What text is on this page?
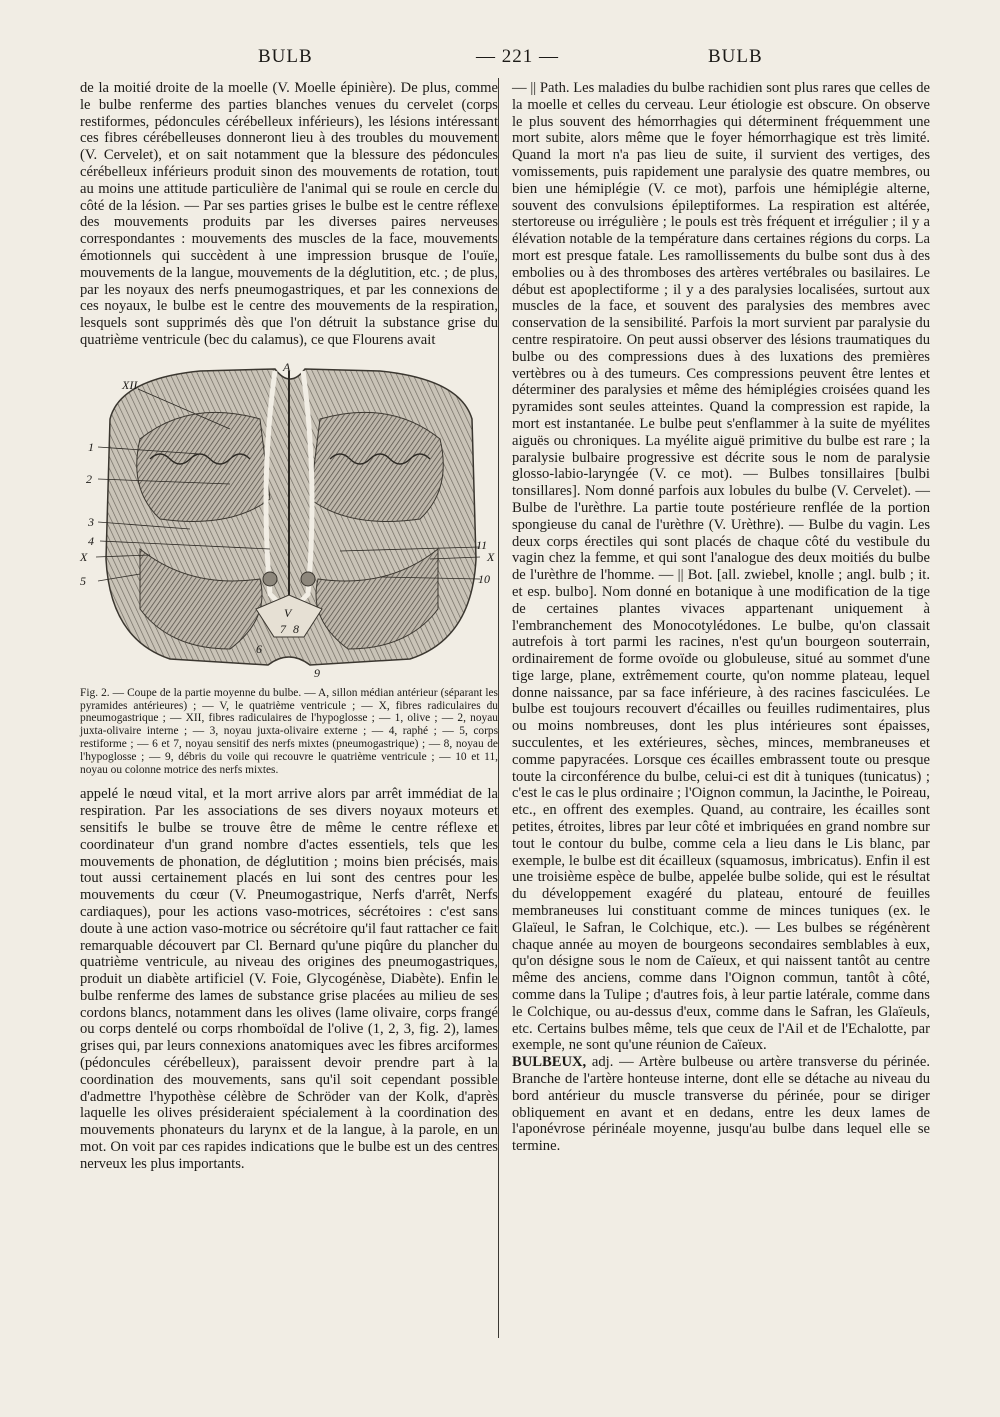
BULB	— 221 —	BULB

de la moitié droite de la moelle (V. Moelle épinière). De plus, comme le bulbe renferme des parties blanches venues du cervelet (corps restiformes, pédoncules cérébelleux inférieurs), les lésions intéressant ces fibres cérébelleuses donneront lieu à des troubles du mouvement (V. Cervelet), et on sait notamment que la blessure des pédoncules cérébelleux inférieurs produit sinon des mouvements de rotation, tout au moins une attitude particulière de l'animal qui se roule en cercle du côté de la lésion. — Par ses parties grises le bulbe est le centre réflexe des mouvements produits par les diverses paires nerveuses correspondantes : mouvements des muscles de la face, mouvements émotionnels qui succèdent à une impression brusque de l'ouïe, mouvements de la langue, mouvements de la déglutition, etc. ; de plus, par les noyaux des nerfs pneumogastriques, et par les connexions de ces noyaux, le bulbe est le centre des mouvements de la respiration, lesquels sont supprimés dès que l'on détruit la substance grise du quatrième ventricule (bec du calamus), ce que Flourens avait

XII
A
1
2
3
4
X
5
11
X
10
V
7 8
6
9
Fig. 2. — Coupe de la partie moyenne du bulbe. — A, sillon médian antérieur (séparant les pyramides antérieures) ; — V, le quatrième ventricule ; — X, fibres radiculaires du pneumogastrique ; — XII, fibres radiculaires de l'hypoglosse ; — 1, olive ; — 2, noyau juxta-olivaire interne ; — 3, noyau juxta-olivaire externe ; — 4, raphé ; — 5, corps restiforme ; — 6 et 7, noyau sensitif des nerfs mixtes (pneumogastrique) ; — 8, noyau de l'hypoglosse ; — 9, débris du voile qui recouvre le quatrième ventricule ; — 10 et 11, noyau ou colonne motrice des nerfs mixtes.

appelé le nœud vital, et la mort arrive alors par arrêt immédiat de la respiration. Par les associations de ses divers noyaux moteurs et sensitifs le bulbe se trouve être de même le centre réflexe et coordinateur d'un grand nombre d'actes essentiels, tels que les mouvements de phonation, de déglutition ; moins bien précisés, mais tout aussi certainement placés en lui sont des centres pour les mouvements du cœur (V. Pneumogastrique, Nerfs d'arrêt, Nerfs cardiaques), pour les actions vaso-motrices, sécrétoires : c'est sans doute à une action vaso-motrice ou sécrétoire qu'il faut rattacher ce fait remarquable découvert par Cl. Bernard qu'une piqûre du plancher du quatrième ventricule, au niveau des origines des pneumogastriques, produit un diabète artificiel (V. Foie, Glycogénèse, Diabète). Enfin le bulbe renferme des lames de substance grise placées au milieu de ses cordons blancs, notamment dans les olives (lame olivaire, corps frangé ou corps dentelé ou corps rhomboïdal de l'olive (1, 2, 3, fig. 2), lames grises qui, par leurs connexions anatomiques avec les fibres arciformes (pédoncules cérébelleux), paraissent devoir prendre part à la coordination des mouvements, sans qu'il soit cependant possible d'admettre l'hypothèse célèbre de Schröder van der Kolk, d'après laquelle les olives présideraient spécialement à la coordination des mouvements phonateurs du larynx et de la langue, à la parole, en un mot. On voit par ces rapides indications que le bulbe est un des centres nerveux les plus importants.

— || Path. Les maladies du bulbe rachidien sont plus rares que celles de la moelle et celles du cerveau. Leur étiologie est obscure. On observe le plus souvent des hémorrhagies qui déterminent fréquemment une mort subite, alors même que le foyer hémorrhagique est très limité. Quand la mort n'a pas lieu de suite, il survient des vertiges, des vomissements, puis rapidement une paralysie des quatre membres, ou bien une hémiplégie (V. ce mot), parfois une hémiplégie alterne, souvent des convulsions épileptiformes. La respiration est altérée, stertoreuse ou irrégulière ; le pouls est très fréquent et irrégulier ; il y a élévation notable de la température dans certaines régions du corps. La mort est presque fatale. Les ramollissements du bulbe sont dus à des embolies ou à des thromboses des artères vertébrales ou basilaires. Le début est apoplectiforme ; il y a des paralysies localisées, surtout aux muscles de la face, et souvent des paralysies des membres avec conservation de la sensibilité. Parfois la mort survient par paralysie du centre respiratoire. On peut aussi observer des lésions traumatiques du bulbe ou des compressions dues à des luxations des premières vertèbres ou à des tumeurs. Ces compressions peuvent être lentes et déterminer des paralysies et même des hémiplégies croisées quand les pyramides sont seules atteintes. Quand la compression est rapide, la mort est instantanée. Le bulbe peut s'enflammer à la suite de myélites aiguës ou chroniques. La myélite aiguë primitive du bulbe est rare ; la paralysie bulbaire progressive est décrite sous le nom de paralysie glosso-labio-laryngée (V. ce mot). — Bulbes tonsillaires [bulbi tonsillares]. Nom donné parfois aux lobules du bulbe (V. Cervelet). — Bulbe de l'urèthre. La partie toute postérieure renflée de la portion spongieuse du canal de l'urèthre (V. Urèthre). — Bulbe du vagin. Les deux corps érectiles qui sont placés de chaque côté du vestibule du vagin chez la femme, et qui sont l'analogue des deux moitiés du bulbe de l'urèthre de l'homme. — || Bot. [all. zwiebel, knolle ; angl. bulb ; it. et esp. bulbo]. Nom donné en botanique à une modification de la tige de certaines plantes vivaces appartenant uniquement à l'embranchement des Monocotylédones. Le bulbe, qu'on classait autrefois à tort parmi les racines, n'est qu'un bourgeon souterrain, ordinairement de forme ovoïde ou globuleuse, situé au sommet d'une tige large, plane, extrêmement courte, qu'on nomme plateau, lequel donne naissance, par sa face inférieure, à des racines fasciculées. Le bulbe est toujours recouvert d'écailles ou feuilles rudimentaires, plus ou moins nombreuses, dont les plus intérieures sont épaisses, succulentes, et les extérieures, sèches, minces, membraneuses et comme papyracées. Lorsque ces écailles embrassent toute ou presque toute la circonférence du bulbe, celui-ci est dit à tuniques (tunicatus) ; c'est le cas le plus ordinaire ; l'Oignon commun, la Jacinthe, le Poireau, etc., en offrent des exemples. Quand, au contraire, les écailles sont petites, étroites, libres par leur côté et imbriquées en grand nombre sur tout le contour du bulbe, comme cela a lieu dans le Lis blanc, par exemple, le bulbe est dit écailleux (squamosus, imbricatus). Enfin il est une troisième espèce de bulbe, appelée bulbe solide, qui est le résultat du développement exagéré du plateau, entouré de feuilles membraneuses lui constituant comme de minces tuniques (ex. le Glaïeul, le Safran, le Colchique, etc.). — Les bulbes se régénèrent chaque année au moyen de bourgeons secondaires semblables à eux, qu'on désigne sous le nom de Caïeux, et qui naissent tantôt au centre même des anciens, comme dans l'Oignon commun, tantôt à côté, comme dans la Tulipe ; d'autres fois, à leur partie latérale, comme dans le Colchique, ou au-dessus d'eux, comme dans le Safran, les Glaïeuls, etc. Certains bulbes même, tels que ceux de l'Ail et de l'Echalotte, par exemple, ne sont qu'une réunion de Caïeux.

BULBEUX, adj. — Artère bulbeuse ou artère transverse du périnée. Branche de l'artère honteuse interne, dont elle se détache au niveau du bord antérieur du muscle transverse du périnée, pour se diriger obliquement en avant et en dedans, entre les deux lames de l'aponévrose périnéale moyenne, jusqu'au bulbe dans lequel elle se termine.
